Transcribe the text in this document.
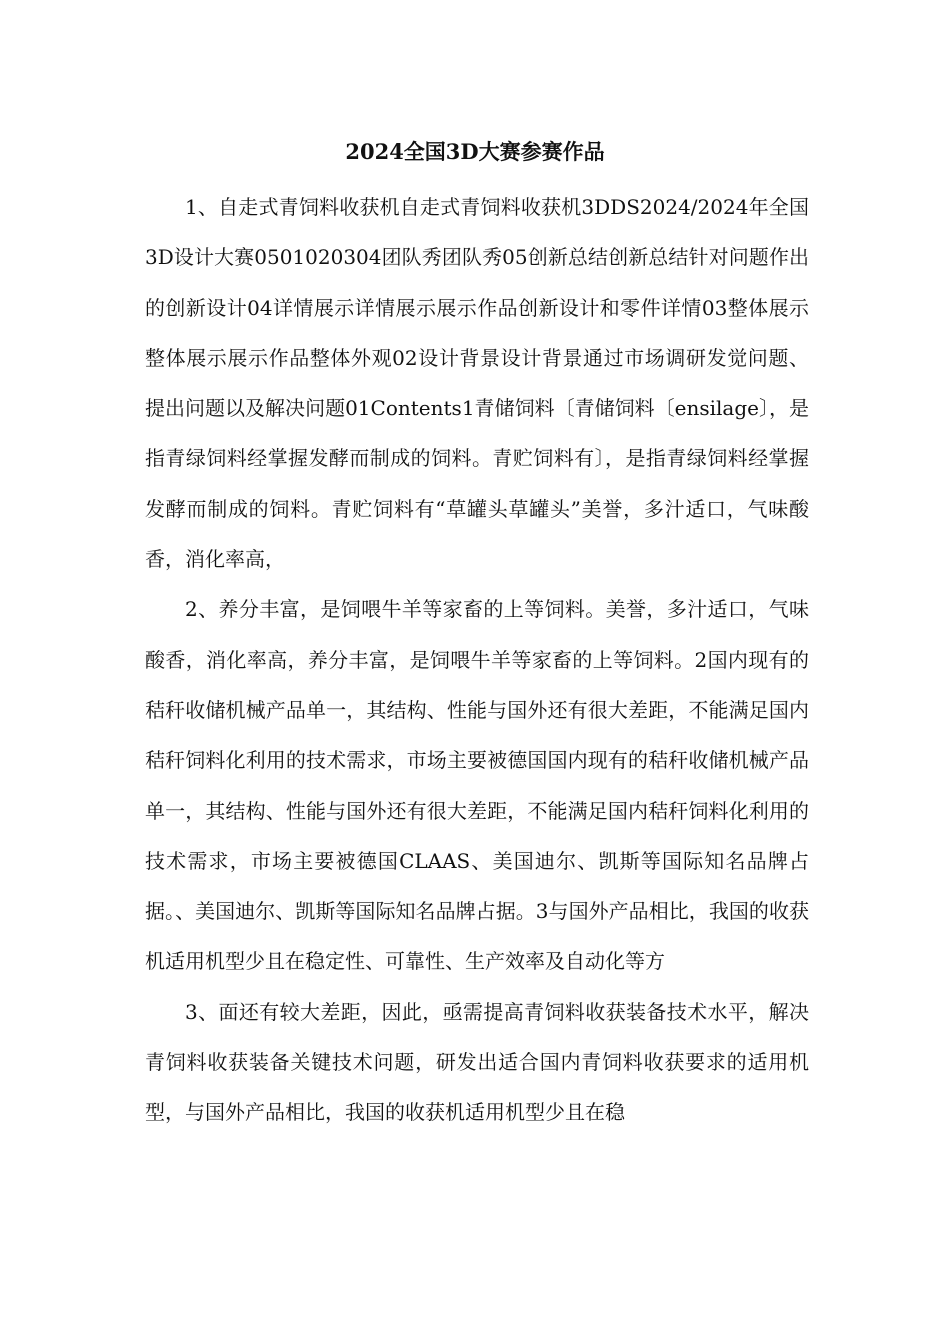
2024全国3D大赛参赛作品

1、自走式青饲料收获机自走式青饲料收获机3DDS2024/2024年全国3D设计大赛0501020304团队秀团队秀05创新总结创新总结针对问题作出的创新设计04详情展示详情展示展示作品创新设计和零件详情03整体展示整体展示展示作品整体外观02设计背景设计背景通过市场调研发觉问题、提出问题以及解决问题01Contents1青储饲料〔青储饲料〔ensilage〕，是指青绿饲料经掌握发酵而制成的饲料。青贮饲料有〕，是指青绿饲料经掌握发酵而制成的饲料。青贮饲料有“草罐头草罐头”美誉，多汁适口，气味酸香，消化率高，

2、养分丰富，是饲喂牛羊等家畜的上等饲料。美誉，多汁适口，气味酸香，消化率高，养分丰富，是饲喂牛羊等家畜的上等饲料。2国内现有的秸秆收储机械产品单一，其结构、性能与国外还有很大差距，不能满足国内秸秆饲料化利用的技术需求，市场主要被德国国内现有的秸秆收储机械产品单一，其结构、性能与国外还有很大差距，不能满足国内秸秆饲料化利用的技术需求，市场主要被德国CLAAS、美国迪尔、凯斯等国际知名品牌占据。、美国迪尔、凯斯等国际知名品牌占据。3与国外产品相比，我国的收获机适用机型少且在稳定性、可靠性、生产效率及自动化等方

3、面还有较大差距，因此，亟需提高青饲料收获装备技术水平，解决青饲料收获装备关键技术问题，研发出适合国内青饲料收获要求的适用机型，与国外产品相比，我国的收获机适用机型少且在稳
